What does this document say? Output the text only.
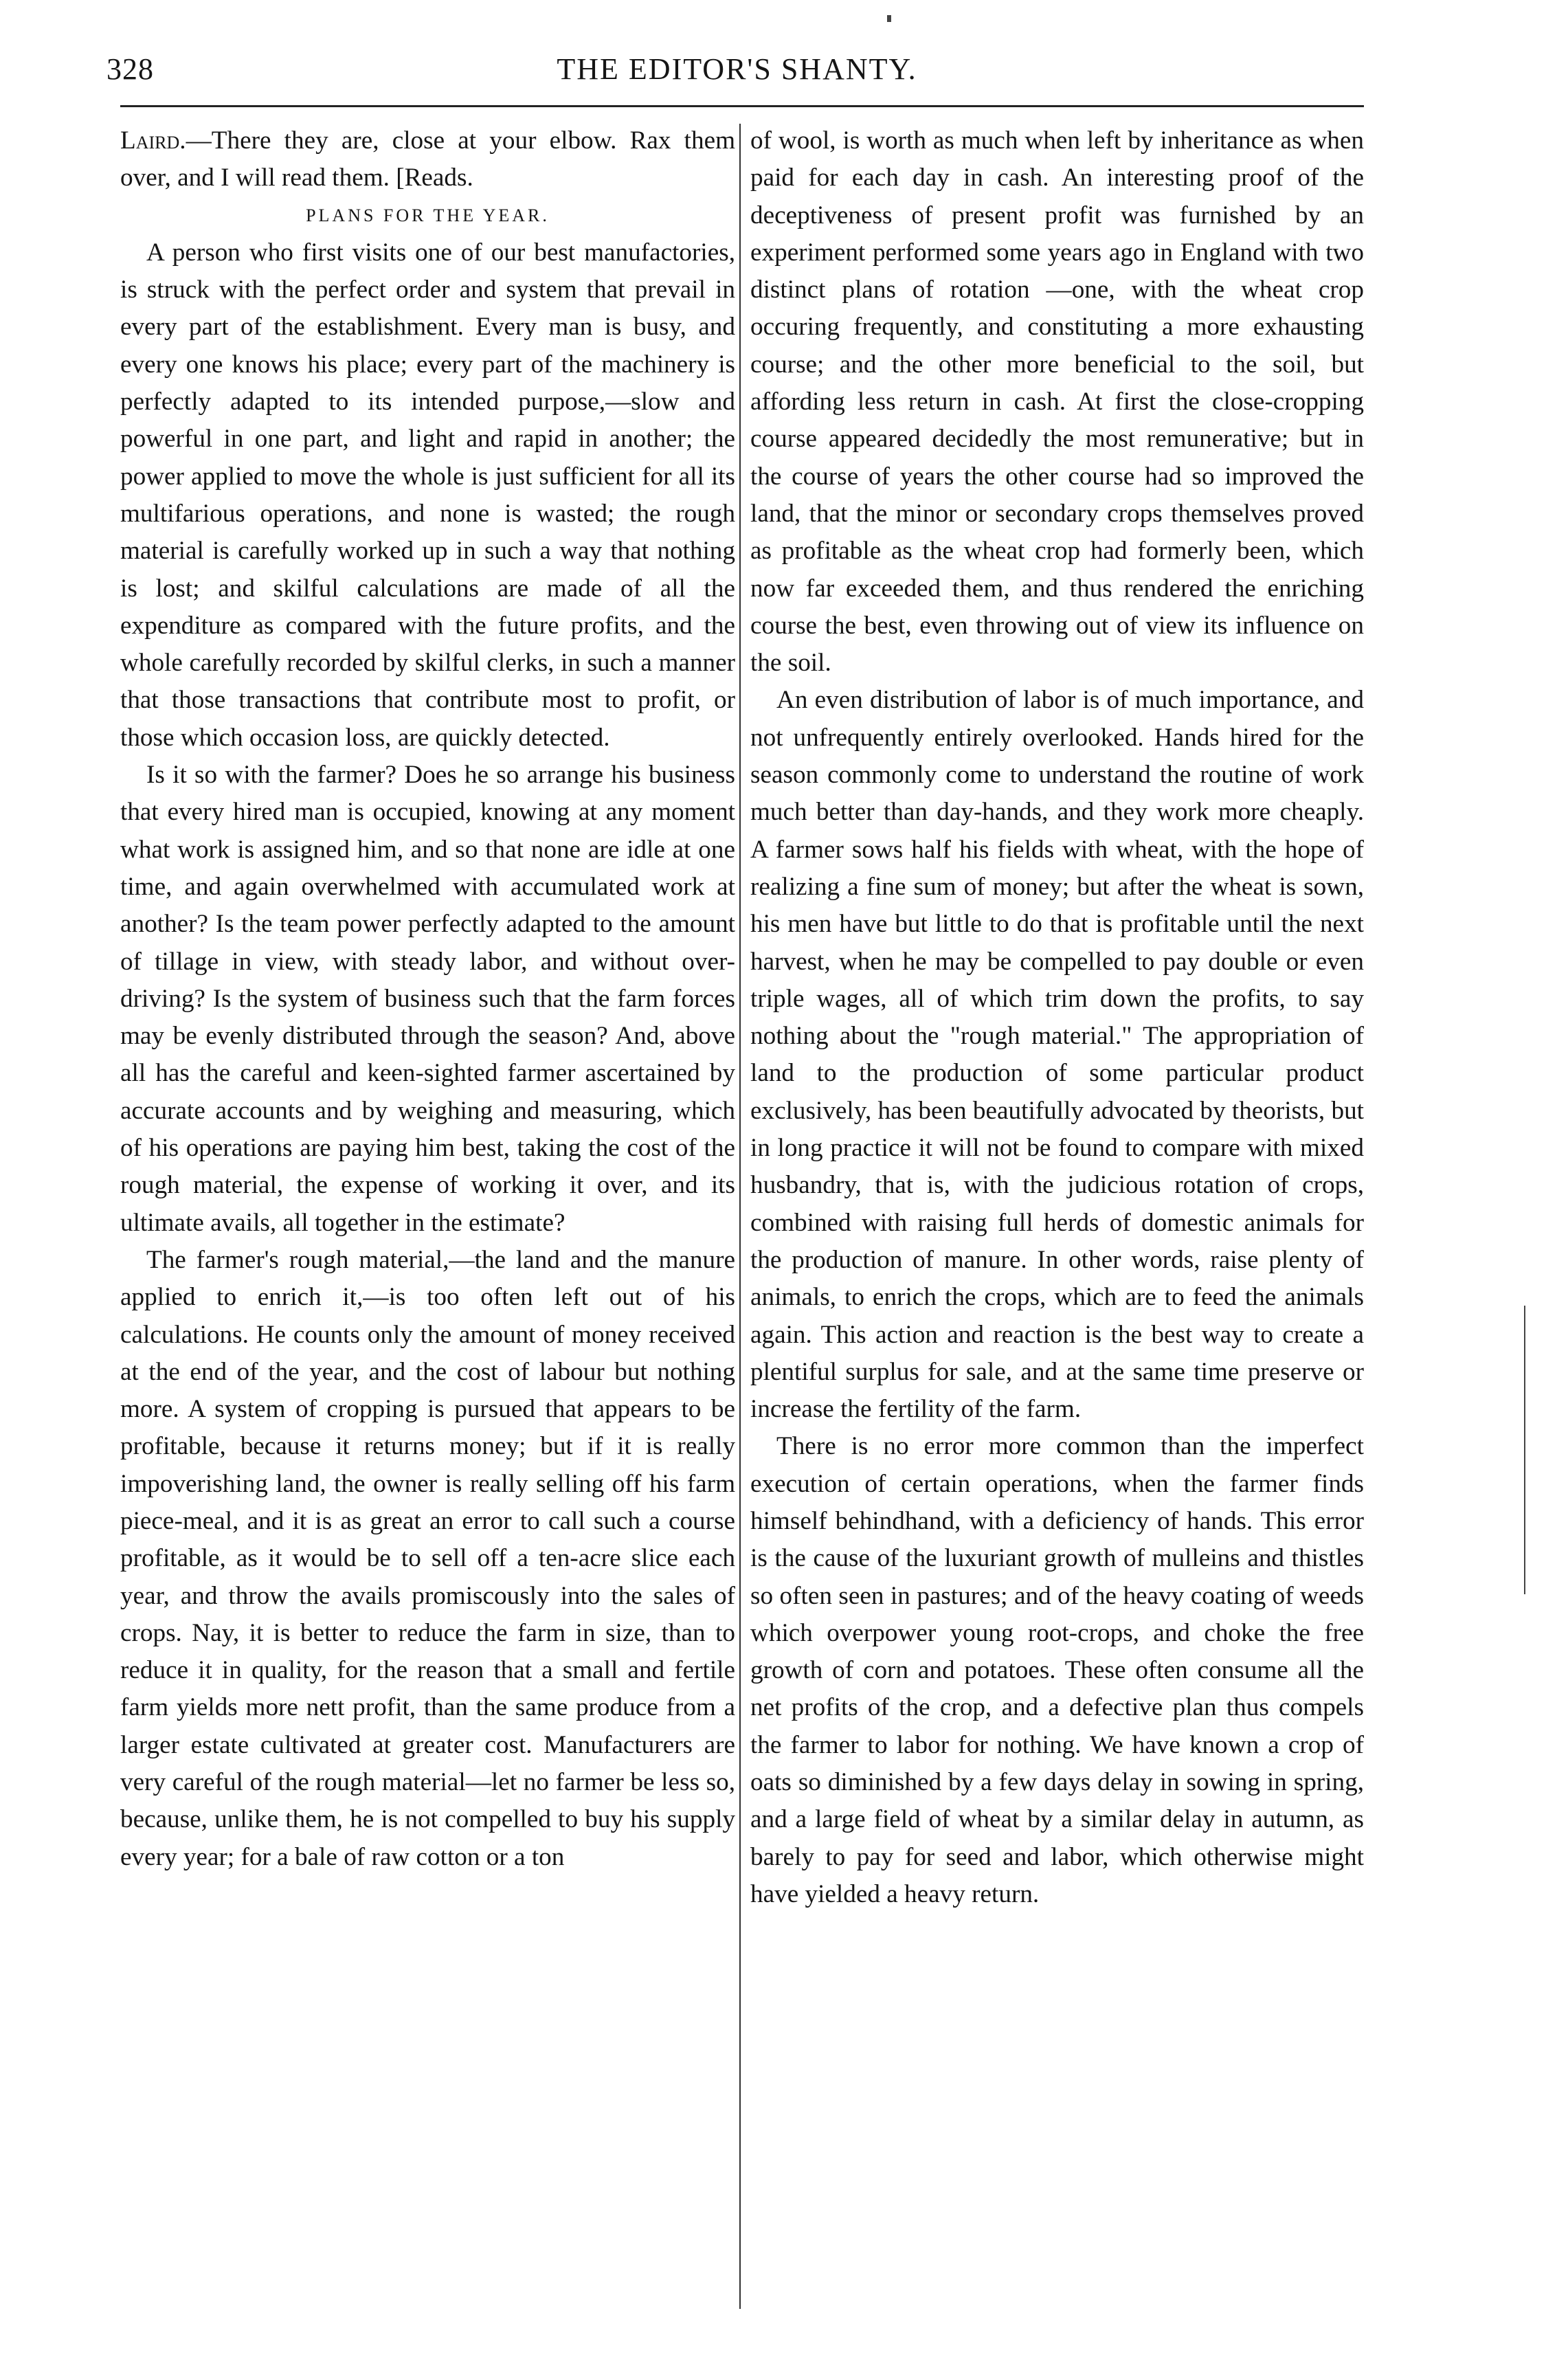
328	THE EDITOR'S SHANTY.

Laird.—There they are, close at your elbow. Rax them over, and I will read them. [Reads.

PLANS FOR THE YEAR.

A person who first visits one of our best manufactories, is struck with the perfect order and system that prevail in every part of the establishment. Every man is busy, and every one knows his place; every part of the machinery is perfectly adapted to its intended purpose,—slow and powerful in one part, and light and rapid in another; the power applied to move the whole is just sufficient for all its multifarious operations, and none is wasted; the rough material is carefully worked up in such a way that nothing is lost; and skilful calculations are made of all the expenditure as compared with the future profits, and the whole carefully recorded by skilful clerks, in such a manner that those transactions that contribute most to profit, or those which occasion loss, are quickly detected.

Is it so with the farmer? Does he so arrange his business that every hired man is occupied, knowing at any moment what work is assigned him, and so that none are idle at one time, and again overwhelmed with accumulated work at another? Is the team power perfectly adapted to the amount of tillage in view, with steady labor, and without over-driving? Is the system of business such that the farm forces may be evenly distributed through the season? And, above all has the careful and keen-sighted farmer ascertained by accurate accounts and by weighing and measuring, which of his operations are paying him best, taking the cost of the rough material, the expense of working it over, and its ultimate avails, all together in the estimate?

The farmer's rough material,—the land and the manure applied to enrich it,—is too often left out of his calculations. He counts only the amount of money received at the end of the year, and the cost of labour but nothing more. A system of cropping is pursued that appears to be profitable, because it returns money; but if it is really impoverishing land, the owner is really selling off his farm piece-meal, and it is as great an error to call such a course profitable, as it would be to sell off a ten-acre slice each year, and throw the avails promiscously into the sales of crops. Nay, it is better to reduce the farm in size, than to reduce it in quality, for the reason that a small and fertile farm yields more nett profit, than the same produce from a larger estate cultivated at greater cost. Manufacturers are very careful of the rough material—let no farmer be less so, because, unlike them, he is not compelled to buy his supply every year; for a bale of raw cotton or a ton

of wool, is worth as much when left by inheritance as when paid for each day in cash. An interesting proof of the deceptiveness of present profit was furnished by an experiment performed some years ago in England with two distinct plans of rotation —one, with the wheat crop occuring frequently, and constituting a more exhausting course; and the other more beneficial to the soil, but affording less return in cash. At first the close-cropping course appeared decidedly the most remunerative; but in the course of years the other course had so improved the land, that the minor or secondary crops themselves proved as profitable as the wheat crop had formerly been, which now far exceeded them, and thus rendered the enriching course the best, even throwing out of view its influence on the soil.

An even distribution of labor is of much importance, and not unfrequently entirely overlooked. Hands hired for the season commonly come to understand the routine of work much better than day-hands, and they work more cheaply. A farmer sows half his fields with wheat, with the hope of realizing a fine sum of money; but after the wheat is sown, his men have but little to do that is profitable until the next harvest, when he may be compelled to pay double or even triple wages, all of which trim down the profits, to say nothing about the "rough material." The appropriation of land to the production of some particular product exclusively, has been beautifully advocated by theorists, but in long practice it will not be found to compare with mixed husbandry, that is, with the judicious rotation of crops, combined with raising full herds of domestic animals for the production of manure. In other words, raise plenty of animals, to enrich the crops, which are to feed the animals again. This action and reaction is the best way to create a plentiful surplus for sale, and at the same time preserve or increase the fertility of the farm.

There is no error more common than the imperfect execution of certain operations, when the farmer finds himself behindhand, with a deficiency of hands. This error is the cause of the luxuriant growth of mulleins and thistles so often seen in pastures; and of the heavy coating of weeds which overpower young root-crops, and choke the free growth of corn and potatoes. These often consume all the net profits of the crop, and a defective plan thus compels the farmer to labor for nothing. We have known a crop of oats so diminished by a few days delay in sowing in spring, and a large field of wheat by a similar delay in autumn, as barely to pay for seed and labor, which otherwise might have yielded a heavy return.
